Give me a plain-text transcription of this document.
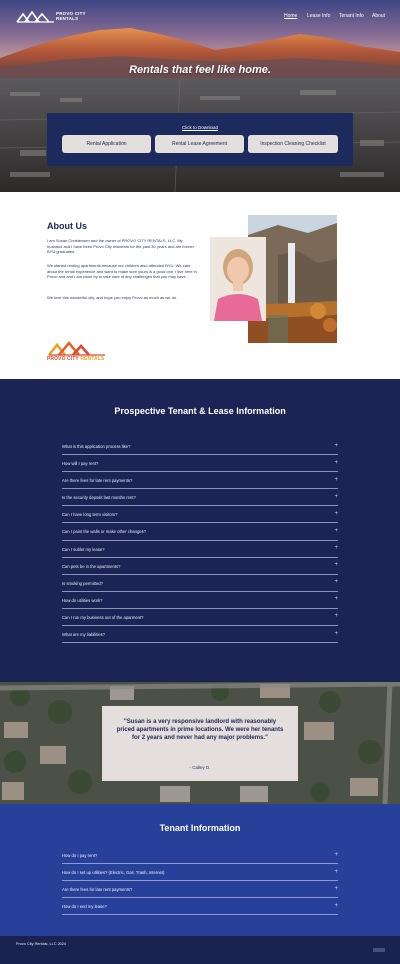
PROVO CITY
RENTALS	Home Lease Info Tenant Info About
Rentals that feel like home.
Click to Download
Rental Application	Rental Lease Agreement	Inspection Cleaning Checklist
About Us

I am Susan Christensen and the owner of PROVO CITY RENTALS, LLC. My husband and I have been Provo City residents for the past 30 years and are former BYU graduates.

We started renting apartments because our children also attended BYU. We care about the rental experience and want to make sure yours is a good one. I live here in Provo and and I am close by to take care of any challenges that you may have.

We love this wonderful city, and hope you enjoy Provo as much as we do.

PROVO CITY RENTALS
Prospective Tenant & Lease Information
What is this application process like?	+
How will I pay rent?	+
Are there fees for late rent payments?	+
Is the security deposit last months rent?	+
Can I have long term visitors?	+
Can I paint the walls or make other changes?	+
Can I sublet my lease?	+
Can pets be in the apartments?	+
Is smoking permitted?	+
How do utilities work?	+
Can I run my business out of the aparment?	+
What are my liabilities?	+

"Susan is a very responsive landlord with reasonably priced apartments in prime locations. We were her tenants for 2 years and never had any major problems."

- Calley D.

Tenant Information
How do I pay rent?	+
How do I set up utilities? (Electric, Gas, Trash, Internet)	+
Are there fees for late rent payments?	+
How do I end my lease?	+
Provo City Rentals, LLC 2024
